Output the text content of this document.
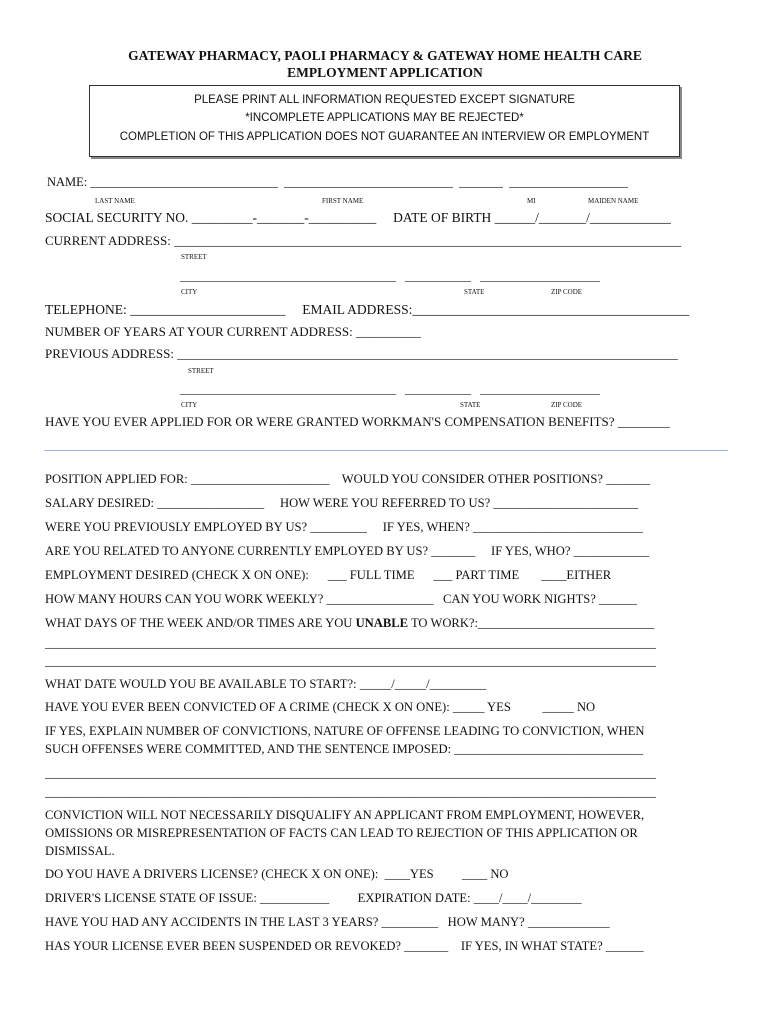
GATEWAY PHARMACY, PAOLI PHARMACY & GATEWAY HOME HEALTH CARE
EMPLOYMENT APPLICATION
PLEASE PRINT ALL INFORMATION REQUESTED EXCEPT SIGNATURE
*INCOMPLETE APPLICATIONS MAY BE REJECTED*
COMPLETION OF THIS APPLICATION DOES NOT GUARANTEE AN INTERVIEW OR EMPLOYMENT
NAME: ______________________________  ___________________________  _______  ___________________
LAST NAME	FIRST NAME	MI	MAIDEN NAME
SOCIAL SECURITY NO. _________-_______-__________     DATE OF BIRTH ______/_______/____________
CURRENT ADDRESS: ______________________________________________________________________________
STREET
____________________________________   ___________   ____________________
CITY	STATE	ZIP CODE
TELEPHONE: _______________________     EMAIL ADDRESS:_________________________________________
NUMBER OF YEARS AT YOUR CURRENT ADDRESS: __________
PREVIOUS ADDRESS: _____________________________________________________________________________
STREET
____________________________________   ___________   ____________________
CITY	STATE	ZIP CODE
HAVE YOU EVER APPLIED FOR OR WERE GRANTED WORKMAN'S COMPENSATION BENEFITS? ________
POSITION APPLIED FOR: ______________________    WOULD YOU CONSIDER OTHER POSITIONS? _______
SALARY DESIRED: _________________     HOW WERE YOU REFERRED TO US? _______________________
WERE YOU PREVIOUSLY EMPLOYED BY US? _________     IF YES, WHEN? ___________________________
ARE YOU RELATED TO ANYONE CURRENTLY EMPLOYED BY US? _______     IF YES, WHO? ____________
EMPLOYMENT DESIRED (CHECK X ON ONE):      ___ FULL TIME      ___ PART TIME       ____EITHER
HOW MANY HOURS CAN YOU WORK WEEKLY? _________________   CAN YOU WORK NIGHTS? ______
WHAT DAYS OF THE WEEK AND/OR TIMES ARE YOU UNABLE TO WORK?:____________________________
______________________________________________________________________________________________
______________________________________________________________________________________________
WHAT DATE WOULD YOU BE AVAILABLE TO START?: _____/_____/_________
HAVE YOU EVER BEEN CONVICTED OF A CRIME (CHECK X ON ONE): _____ YES          _____ NO
IF YES, EXPLAIN NUMBER OF CONVICTIONS, NATURE OF OFFENSE LEADING TO CONVICTION, WHEN
SUCH OFFENSES WERE COMMITTED, AND THE SENTENCE IMPOSED: ______________________________
______________________________________________________________________________________________
______________________________________________________________________________________________
CONVICTION WILL NOT NECESSARILY DISQUALIFY AN APPLICANT FROM EMPLOYMENT, HOWEVER,
OMISSIONS OR MISREPRESENTATION OF FACTS CAN LEAD TO REJECTION OF THIS APPLICATION OR
DISMISSAL.
DO YOU HAVE A DRIVERS LICENSE? (CHECK X ON ONE):  ____YES         ____ NO
DRIVER'S LICENSE STATE OF ISSUE: ___________         EXPIRATION DATE: ____/____/________
HAVE YOU HAD ANY ACCIDENTS IN THE LAST 3 YEARS? _________   HOW MANY? _____________
HAS YOUR LICENSE EVER BEEN SUSPENDED OR REVOKED? _______    IF YES, IN WHAT STATE? ______
